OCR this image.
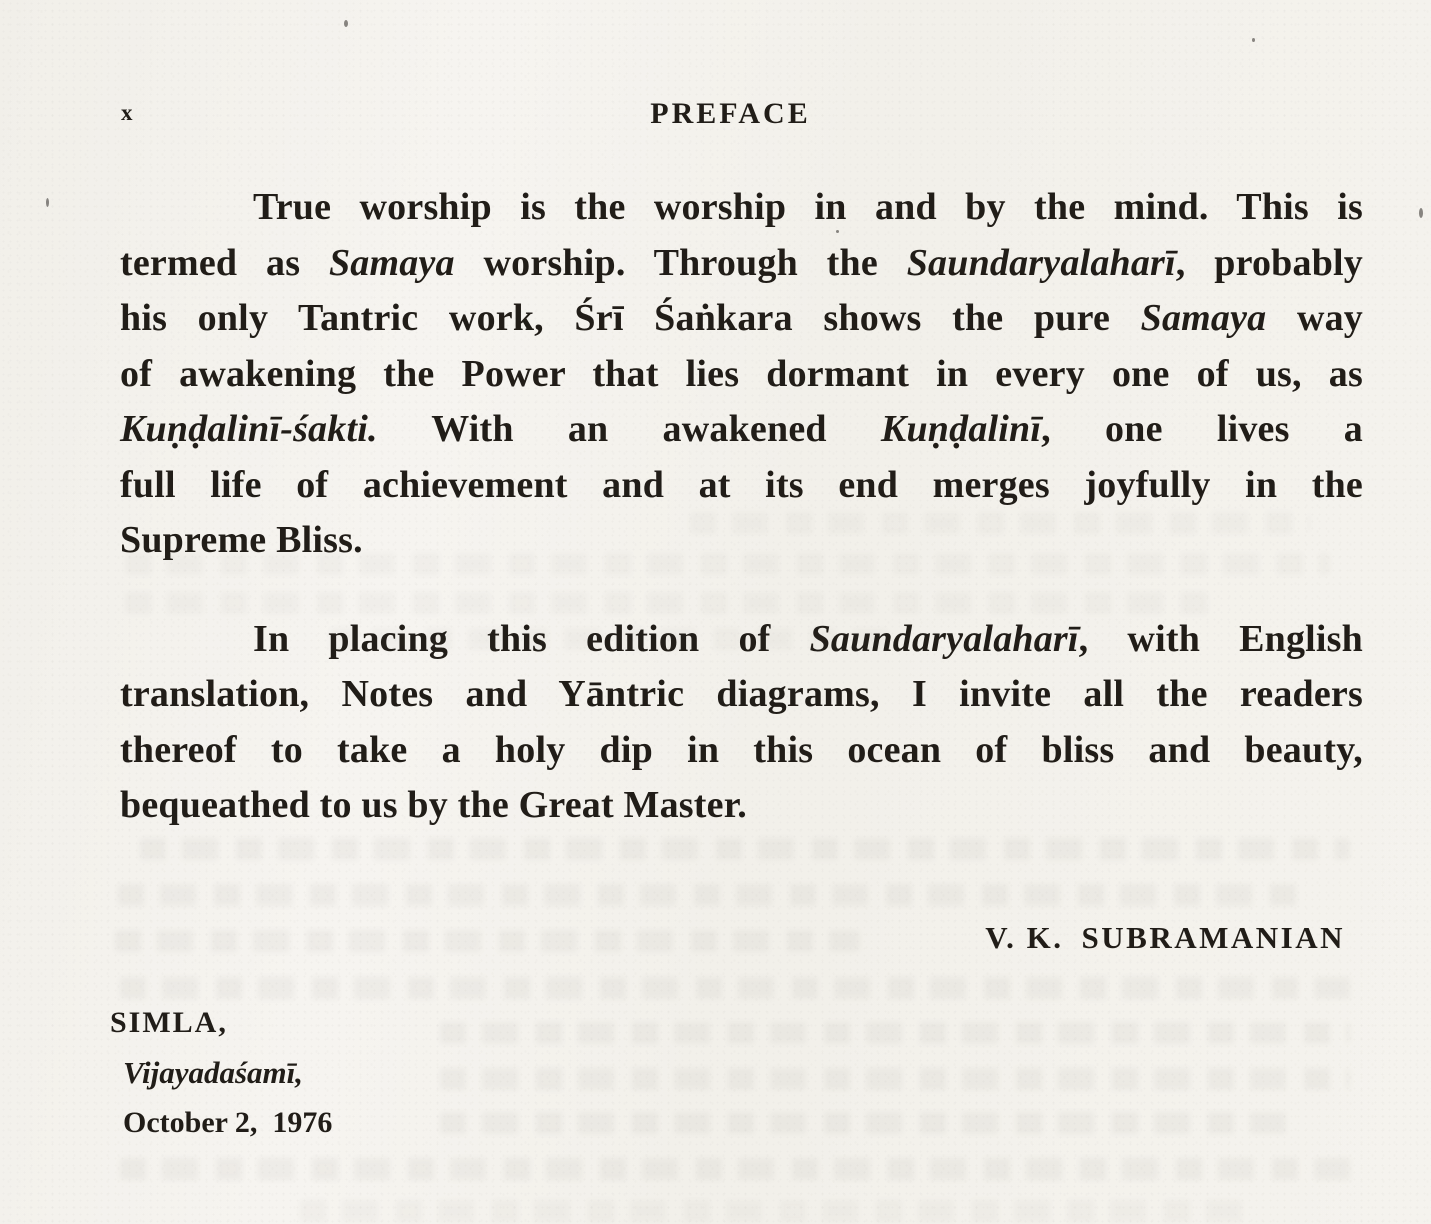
x	PREFACE
True worship is the worship in and by the mind. This is
termed as Samaya worship. Through the Saundaryalaharī, probably
his only Tantric work, Śrī Śaṅkara shows the pure Samaya way
of awakening the Power that lies dormant in every one of us, as
Kuṇḍalinī-śakti. With an awakened Kuṇḍalinī, one lives a
full life of achievement and at its end merges joyfully in the
Supreme Bliss.
In placing this edition of Saundaryalaharī, with English
translation, Notes and Yāntric diagrams, I invite all the readers
thereof to take a holy dip in this ocean of bliss and beauty,
bequeathed to us by the Great Master.
V. K. SUBRAMANIAN
SIMLA,
Vijayadaśamī,
October 2, 1976
